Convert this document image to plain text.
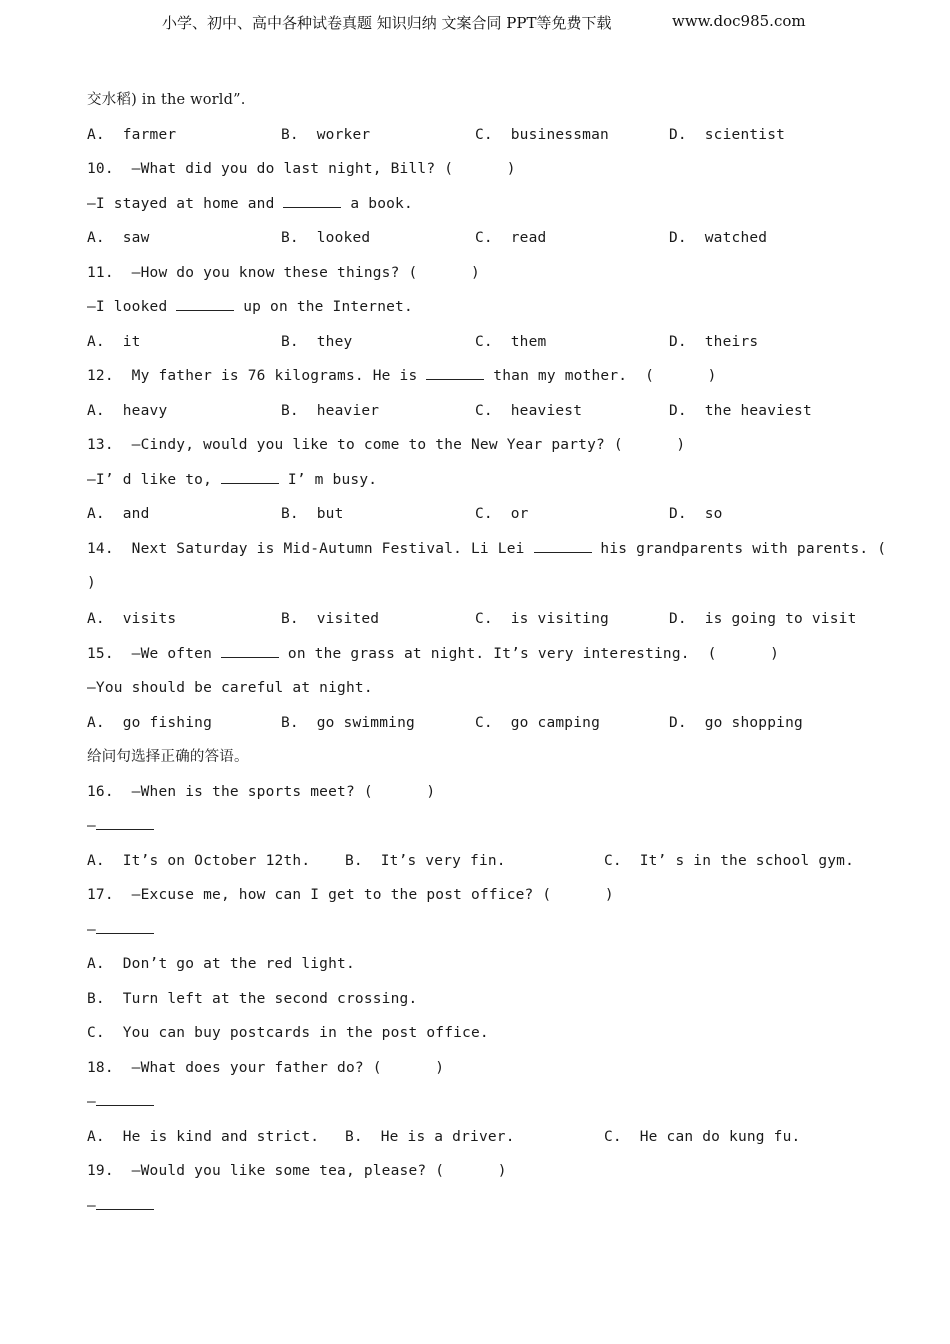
小学、初中、高中各种试卷真题 知识归纳 文案合同 PPT等免费下载	www.doc985.com
交水稻) in the world”.

A.  farmer

	B.  worker

	C.  businessman

	D.  scientist

10.  —What did you do last night, Bill? (      )
—I stayed at home and	a book.

A.  saw

	B.  looked

	C.  read

	D.  watched

11.  —How do you know these things? (      )
—I looked	up on the Internet.

A.  it

	B.  they

	C.  them

	D.  theirs

12.  My father is 76 kilograms. He is	than my mother.  (      )

A.  heavy

	B.  heavier

	C.  heaviest

	D.  the heaviest

13.  —Cindy, would you like to come to the New Year party? (      )
—I’ d like to,	I’ m busy.

A.  and

	B.  but

	C.  or

	D.  so

14.  Next Saturday is Mid-Autumn Festival. Li Lei	his grandparents with parents. (
)

A.  visits

	B.  visited

	C.  is visiting

	D.  is going to visit

15.  —We often	on the grass at night. It’s very interesting.  (      )
—You should be careful at night.

A.  go fishing

	B.  go swimming

	C.  go camping

	D.  go shopping

给问句选择正确的答语。
16.  —When is the sports meet? (      )
—

A.  It’s on October 12th.

B.  It’s very fin.

	C.  It’ s in the school gym.

17.  —Excuse me, how can I get to the post office? (      )
—
A.  Don’t go at the red light.
B.  Turn left at the second crossing.
C.  You can buy postcards in the post office.
18.  —What does your father do? (      )
—

A.  He is kind and strict.

B.  He is a driver.

	C.  He can do kung fu.

19.  —Would you like some tea, please? (      )
—
